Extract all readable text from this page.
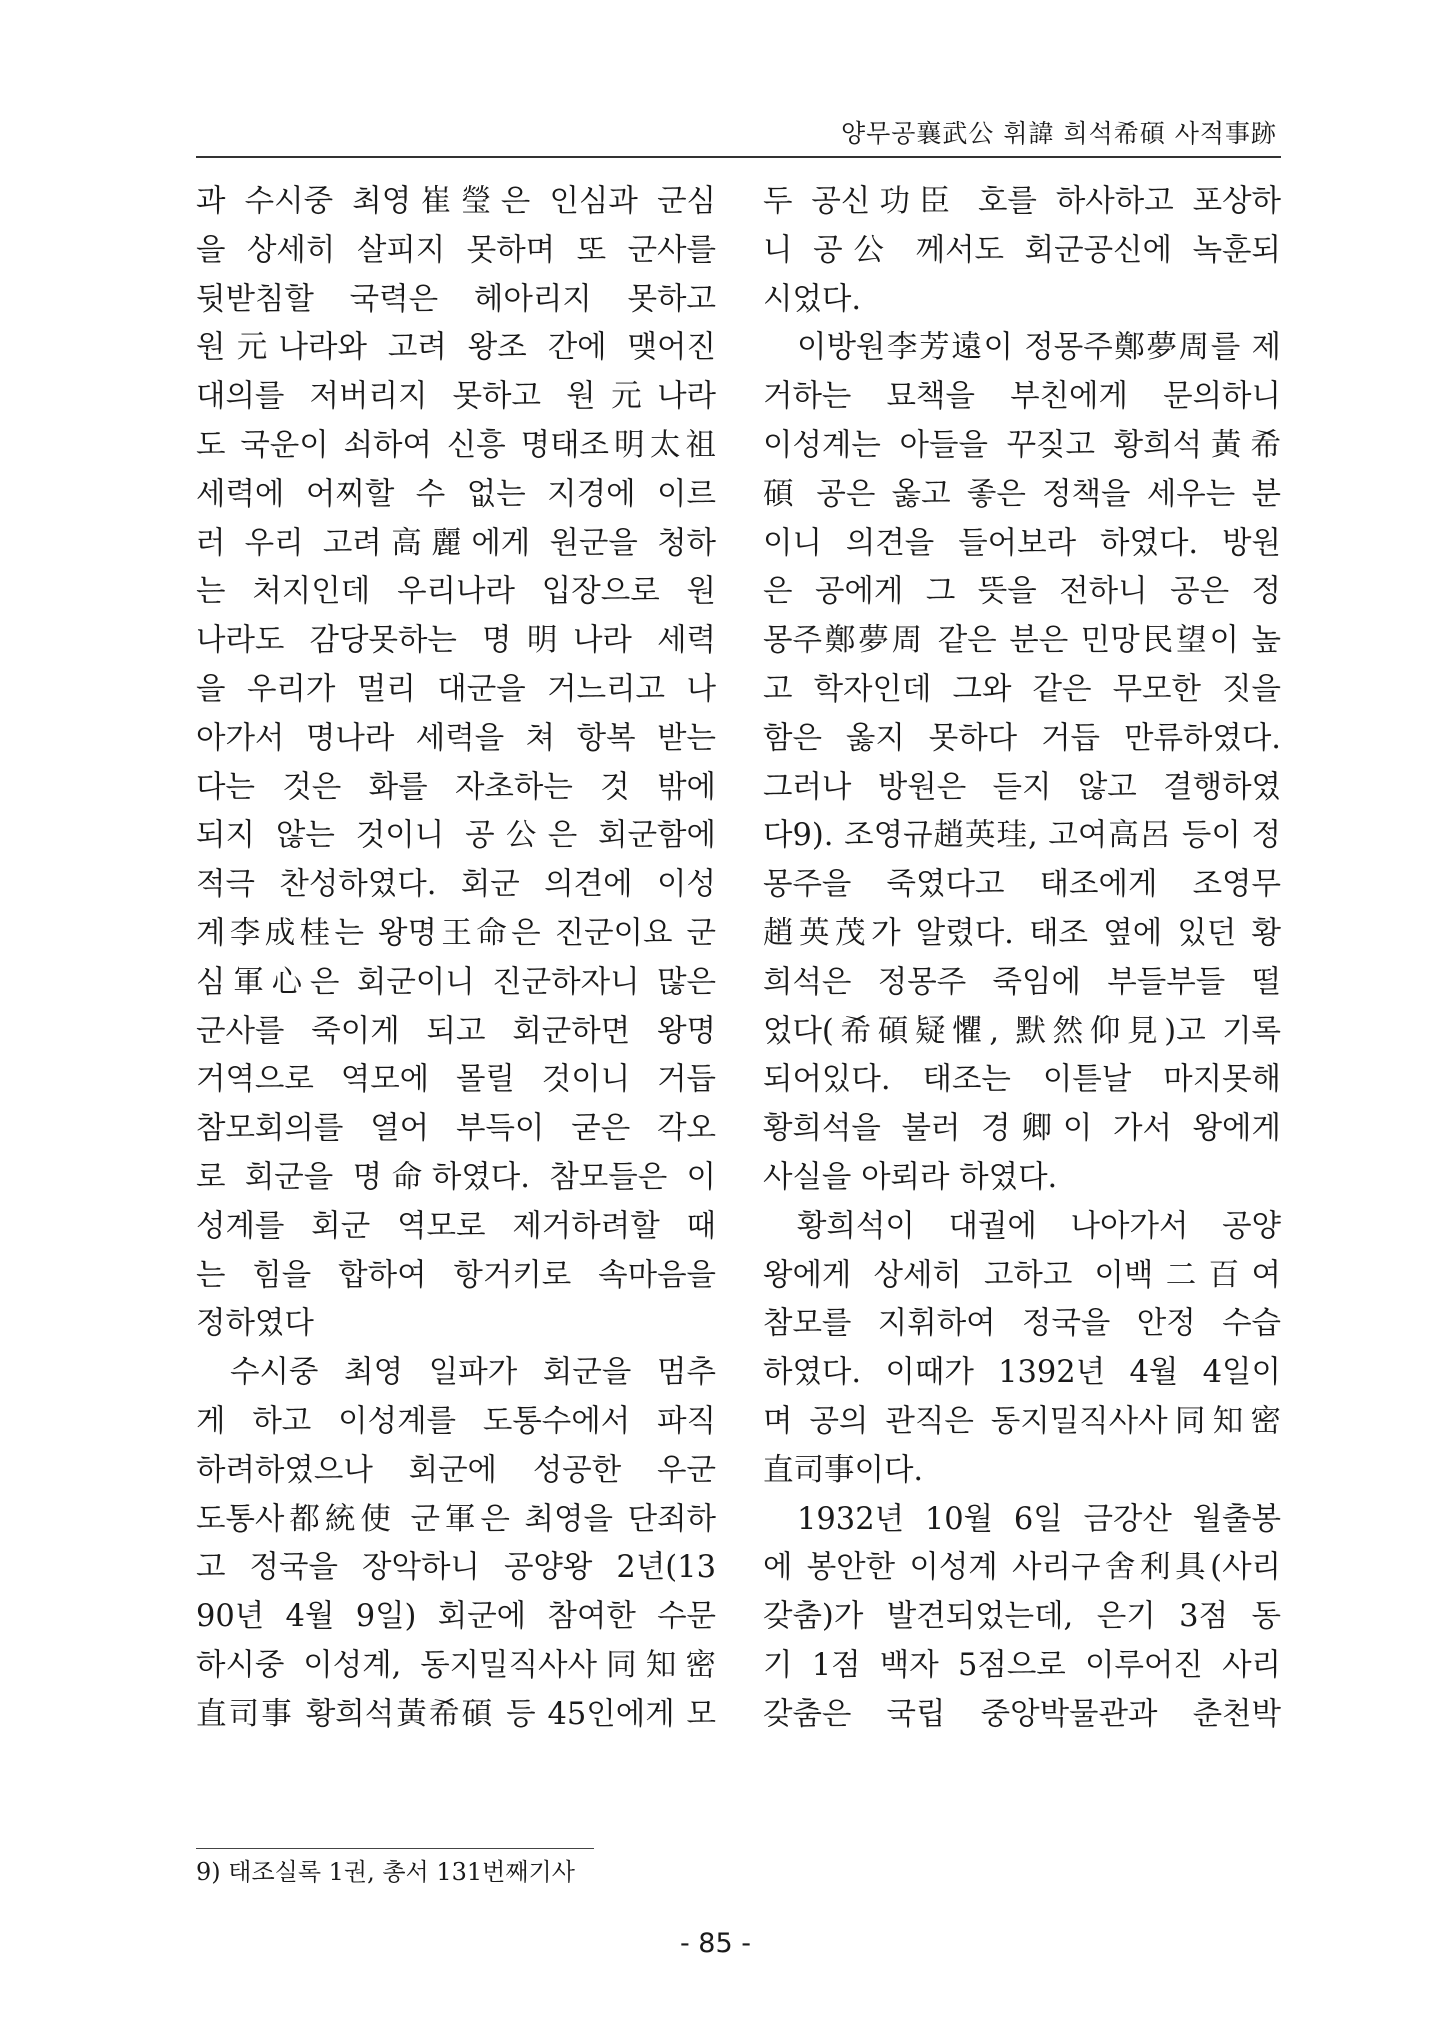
양무공襄武公 휘諱 희석希碩 사적事跡
과 수시중 최영崔瑩은 인심과 군심
을 상세히 살피지 못하며 또 군사를
뒷받침할 국력은 헤아리지 못하고
원元나라와 고려 왕조 간에 맺어진
대의를 저버리지 못하고 원元나라
도 국운이 쇠하여 신흥 명태조明太祖
세력에 어찌할 수 없는 지경에 이르
러 우리 고려高麗에게 원군을 청하
는 처지인데 우리나라 입장으로 원
나라도 감당못하는 명明나라 세력
을 우리가 멀리 대군을 거느리고 나
아가서 명나라 세력을 쳐 항복 받는
다는 것은 화를 자초하는 것 밖에
되지 않는 것이니 공公은 회군함에
적극 찬성하였다. 회군 의견에 이성
계李成桂는 왕명王命은 진군이요 군
심軍心은 회군이니 진군하자니 많은
군사를 죽이게 되고 회군하면 왕명
거역으로 역모에 몰릴 것이니 거듭
참모회의를 열어 부득이 굳은 각오
로 회군을 명命하였다. 참모들은 이
성계를 회군 역모로 제거하려할 때
는 힘을 합하여 항거키로 속마음을
정하였다
수시중 최영 일파가 회군을 멈추
게 하고 이성계를 도통수에서 파직
하려하였으나 회군에 성공한 우군
도통사都統使 군軍은 최영을 단죄하
고 정국을 장악하니 공양왕 2년(13
90년 4월 9일) 회군에 참여한 수문
하시중 이성계, 동지밀직사사同知密
直司事 황희석黃希碩 등 45인에게 모
두 공신功臣 호를 하사하고 포상하
니 공公 께서도 회군공신에 녹훈되
시었다.
이방원李芳遠이 정몽주鄭夢周를 제
거하는 묘책을 부친에게 문의하니
이성계는 아들을 꾸짖고 황희석黃希
碩 공은 옳고 좋은 정책을 세우는 분
이니 의견을 들어보라 하였다. 방원
은 공에게 그 뜻을 전하니 공은 정
몽주鄭夢周 같은 분은 민망民望이 높
고 학자인데 그와 같은 무모한 짓을
함은 옳지 못하다 거듭 만류하였다.
그러나 방원은 듣지 않고 결행하였
다9). 조영규趙英珪, 고여高呂 등이 정
몽주을 죽였다고 태조에게 조영무
趙英茂가 알렸다. 태조 옆에 있던 황
희석은 정몽주 죽임에 부들부들 떨
었다(希碩疑懼, 默然仰見)고 기록
되어있다. 태조는 이튿날 마지못해
황희석을 불러 경卿이 가서 왕에게
사실을 아뢰라 하였다.
황희석이 대궐에 나아가서 공양
왕에게 상세히 고하고 이백二百여
참모를 지휘하여 정국을 안정 수습
하였다. 이때가 1392년 4월 4일이
며 공의 관직은 동지밀직사사同知密
直司事이다.
1932년 10월 6일 금강산 월출봉
에 봉안한 이성계 사리구舍利具(사리
갖춤)가 발견되었는데, 은기 3점 동
기 1점 백자 5점으로 이루어진 사리
갖춤은 국립 중앙박물관과 춘천박
9) 태조실록 1권, 총서 131번째기사
- 85 -
